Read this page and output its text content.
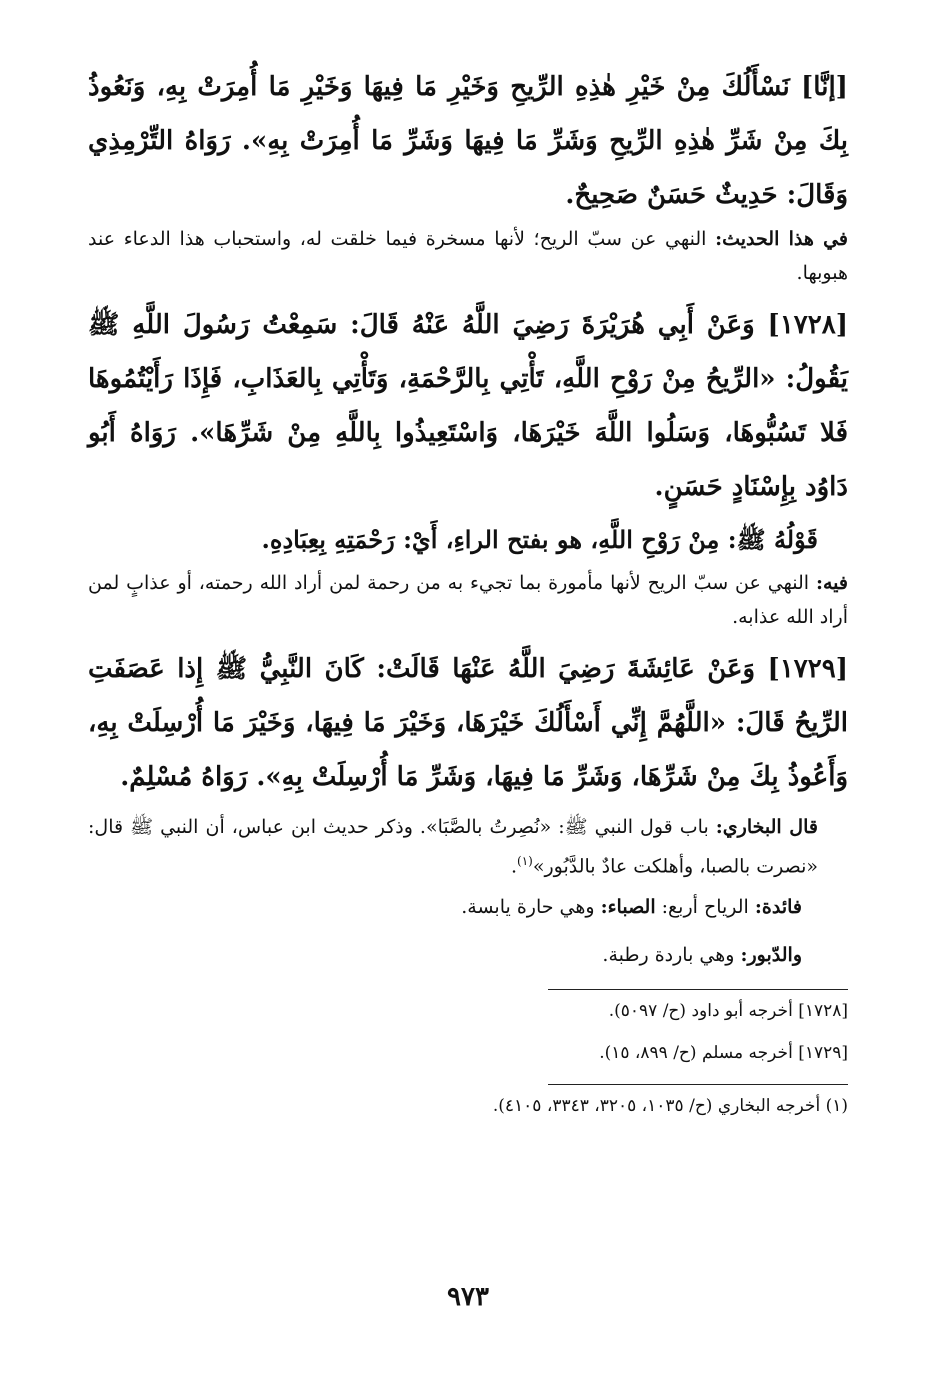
[إنَّا] نَسْأَلُكَ مِنْ خَيْرِ هٰذِهِ الرِّيحِ وَخَيْرِ مَا فِيهَا وَخَيْرِ مَا أُمِرَتْ بِهِ، وَنَعُوذُ بِكَ مِنْ شَرِّ هٰذِهِ الرِّيحِ وَشَرِّ مَا فِيهَا وَشَرِّ مَا أُمِرَتْ بِهِ». رَوَاهُ التِّرْمِذِي وَقَالَ: حَدِيثٌ حَسَنٌ صَحِيحٌ.

في هذا الحديث: النهي عن سبّ الريح؛ لأنها مسخرة فيما خلقت له، واستحباب هذا الدعاء عند هبوبها.

[١٧٢٨] وَعَنْ أَبِي هُرَيْرَةَ رَضِيَ اللَّهُ عَنْهُ قَالَ: سَمِعْتُ رَسُولَ اللَّهِ ﷺ يَقُولُ: «الرِّيحُ مِنْ رَوْحِ اللَّهِ، تَأْتِي بِالرَّحْمَةِ، وَتَأْتِي بِالعَذَابِ، فَإِذَا رَأَيْتُمُوهَا فَلا تَسُبُّوهَا، وَسَلُوا اللَّهَ خَيْرَهَا، وَاسْتَعِيذُوا بِاللَّهِ مِنْ شَرِّهَا». رَوَاهُ أَبُو دَاوُد بِإِسْنَادٍ حَسَنٍ.

قَوْلُهُ ﷺ: مِنْ رَوْحِ اللَّهِ، هو بفتح الراءِ، أَيْ: رَحْمَتِهِ بِعِبَادِهِ.

فيه: النهي عن سبّ الريح لأنها مأمورة بما تجيء به من رحمة لمن أراد الله رحمته، أو عذابٍ لمن أراد الله عذابه.

[١٧٢٩] وَعَنْ عَائِشَةَ رَضِيَ اللَّهُ عَنْهَا قَالَتْ: كَانَ النَّبِيُّ ﷺ إِذا عَصَفَتِ الرِّيحُ قَالَ: «اللَّهُمَّ إِنِّي أَسْأَلُكَ خَيْرَهَا، وَخَيْرَ مَا فِيهَا، وَخَيْرَ مَا أُرْسِلَتْ بِهِ، وَأَعُوذُ بِكَ مِنْ شَرِّهَا، وَشَرِّ مَا فِيهَا، وَشَرِّ مَا أُرْسِلَتْ بِهِ». رَوَاهُ مُسْلِمٌ.

قال البخاري: باب قول النبي ﷺ: «نُصِرتُ بالصَّبَا». وذكر حديث ابن عباس، أن النبي ﷺ قال: «نصرت بالصبا، وأهلكت عادٌ بالدَّبُور»$^{(١)}$.

فائدة: الرياح أربع: الصباء: وهي حارة يابسة.

والدّبور: وهي باردة رطبة.

[١٧٢٨] أخرجه أبو داود (ح/ ٥٠٩٧).

[١٧٢٩] أخرجه مسلم (ح/ ٨٩٩، ١٥).

(١) أخرجه البخاري (ح/ ١٠٣٥، ٣٢٠٥، ٣٣٤٣، ٤١٠٥).

٩٧٣
